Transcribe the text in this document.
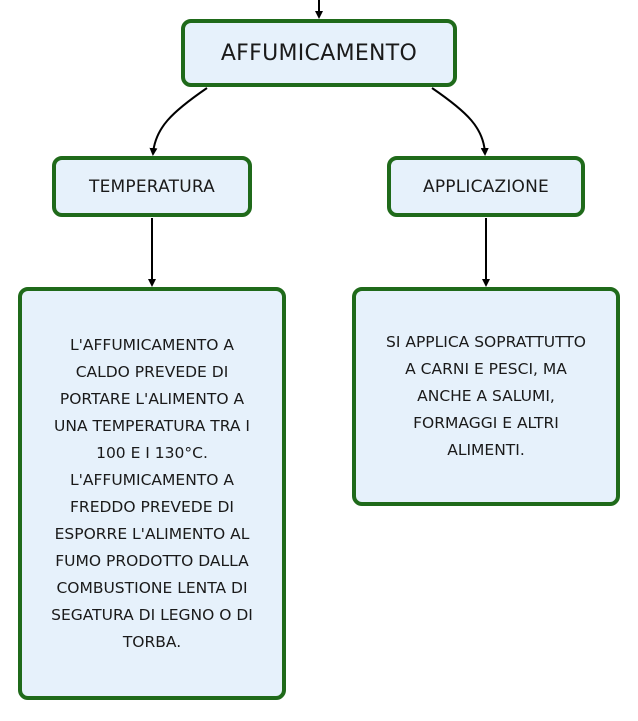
AFFUMICAMENTO
TEMPERATURA	APPLICAZIONE
L'AFFUMICAMENTO A
CALDO PREVEDE DI
PORTARE L'ALIMENTO A
UNA TEMPERATURA TRA I
100 E I 130°C.
L'AFFUMICAMENTO A
FREDDO PREVEDE DI
ESPORRE L'ALIMENTO AL
FUMO PRODOTTO DALLA
COMBUSTIONE LENTA DI
SEGATURA DI LEGNO O DI
TORBA.
SI APPLICA SOPRATTUTTO
A CARNI E PESCI, MA
ANCHE A SALUMI,
FORMAGGI E ALTRI
ALIMENTI.
